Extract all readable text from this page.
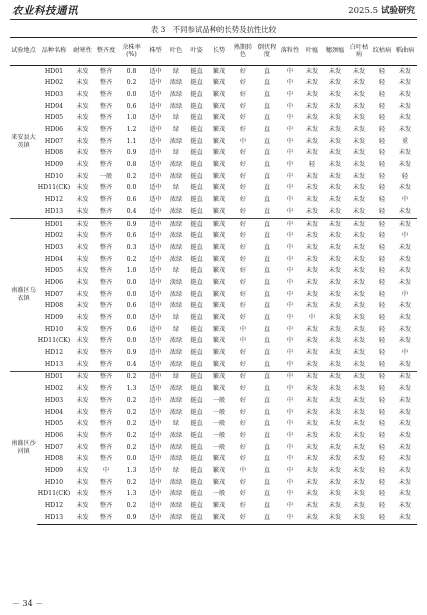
农业科技通讯	2025.5 试验研究
表 3　不同参试品种的长势及抗性比较
试验地点	品种名称	耐寒性	整齐度	余株率(%)	株型	叶色	叶姿	长势	熟期转色	倒伏程度	落粒性	叶瘟	穗颈瘟	白叶枯病	纹枯病	稻曲病
来安县大英镇	HD01	未发	整齐	0.8	适中	绿	挺直	繁茂	好	直	中	未发	未发	未发	轻	未发
	HD02	未发	整齐	0.2	适中	浓绿	挺直	繁茂	好	直	中	未发	未发	未发	轻	未发
	HD03	未发	整齐	0.0	适中	浓绿	挺直	繁茂	好	直	中	未发	未发	未发	轻	未发
	HD04	未发	整齐	0.6	适中	浓绿	挺直	繁茂	好	直	中	未发	未发	未发	轻	未发
	HD05	未发	整齐	1.0	适中	绿	挺直	繁茂	好	直	中	未发	未发	未发	轻	未发
	HD06	未发	整齐	1.2	适中	绿	挺直	繁茂	好	直	中	未发	未发	未发	轻	未发
	HD07	未发	整齐	1.1	适中	浓绿	挺直	繁茂	中	直	中	未发	未发	未发	轻	重
	HD08	未发	整齐	0.9	适中	绿	挺直	繁茂	好	直	中	未发	未发	未发	轻	未发
	HD09	未发	整齐	0.8	适中	浓绿	挺直	繁茂	好	直	中	轻	未发	未发	轻	未发
	HD10	未发	一般	0.2	适中	浓绿	挺直	繁茂	好	直	中	未发	未发	未发	轻	轻
	HD11(CK)	未发	整齐	0.0	适中	绿	挺直	繁茂	好	直	中	未发	未发	未发	轻	未发
	HD12	未发	整齐	0.6	适中	浓绿	挺直	繁茂	好	直	中	未发	未发	未发	轻	中
	HD13	未发	整齐	0.4	适中	浓绿	挺直	繁茂	好	直	中	未发	未发	未发	轻	未发
南谯区乌衣镇	HD01	未发	整齐	0.9	适中	浓绿	挺直	繁茂	好	直	中	未发	未发	未发	轻	未发
	HD02	未发	整齐	0.6	适中	浓绿	挺直	繁茂	好	直	中	未发	未发	未发	轻	中
	HD03	未发	整齐	0.3	适中	浓绿	挺直	繁茂	好	直	中	未发	未发	未发	轻	未发
	HD04	未发	整齐	0.2	适中	浓绿	挺直	繁茂	好	直	中	未发	未发	未发	轻	未发
	HD05	未发	整齐	1.0	适中	绿	挺直	繁茂	好	直	中	未发	未发	未发	轻	未发
	HD06	未发	整齐	0.0	适中	淡绿	挺直	繁茂	好	直	中	未发	未发	未发	轻	未发
	HD07	未发	整齐	0.0	适中	浓绿	挺直	繁茂	好	直	中	未发	未发	未发	轻	中
	HD08	未发	整齐	0.6	适中	浓绿	挺直	繁茂	好	直	中	未发	未发	未发	轻	未发
	HD09	未发	整齐	0.0	适中	绿	挺直	繁茂	好	直	中	中	未发	未发	轻	未发
	HD10	未发	整齐	0.6	适中	绿	挺直	繁茂	中	直	中	未发	未发	未发	轻	未发
	HD11(CK)	未发	整齐	0.0	适中	浓绿	挺直	繁茂	中	直	中	未发	未发	未发	轻	未发
	HD12	未发	整齐	0.9	适中	浓绿	挺直	繁茂	好	直	中	未发	未发	未发	轻	中
	HD13	未发	整齐	0.4	适中	浓绿	挺直	繁茂	好	直	中	未发	未发	未发	轻	未发
南谯区沙河镇	HD01	未发	整齐	0.2	适中	绿	挺直	繁茂	好	直	中	未发	未发	未发	轻	未发
	HD02	未发	整齐	1.3	适中	浓绿	挺直	繁茂	好	直	中	未发	未发	未发	轻	未发
	HD03	未发	整齐	0.2	适中	浓绿	挺直	一般	好	直	中	未发	未发	未发	轻	未发
	HD04	未发	整齐	0.2	适中	浓绿	挺直	一般	好	直	中	未发	未发	未发	轻	未发
	HD05	未发	整齐	0.2	适中	绿	挺直	一般	好	直	中	未发	未发	未发	轻	未发
	HD06	未发	整齐	0.2	适中	浓绿	挺直	一般	好	直	中	未发	未发	未发	轻	未发
	HD07	未发	整齐	0.2	适中	浓绿	挺直	一般	好	直	中	未发	未发	未发	轻	未发
	HD08	未发	整齐	0.0	适中	浓绿	挺直	繁茂	好	直	中	未发	未发	未发	轻	未发
	HD09	未发	中	1.3	适中	绿	挺直	繁茂	中	直	中	未发	未发	未发	轻	未发
	HD10	未发	整齐	0.2	适中	浓绿	挺直	繁茂	好	直	中	未发	未发	未发	轻	未发
	HD11(CK)	未发	整齐	1.3	适中	浓绿	挺直	一般	好	直	中	未发	未发	未发	轻	未发
	HD12	未发	整齐	0.2	适中	浓绿	挺直	繁茂	好	直	中	未发	未发	未发	轻	未发
	HD13	未发	整齐	0.9	适中	浓绿	挺直	繁茂	好	直	中	未发	未发	未发	轻	未发
－ 34 －
